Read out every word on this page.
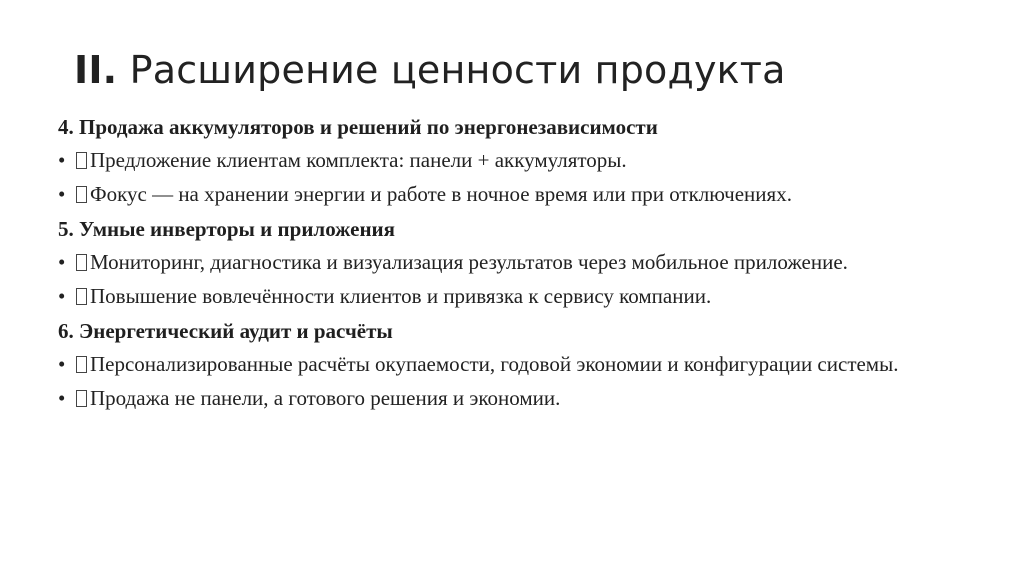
II. Расширение ценности продукта
4. Продажа аккумуляторов и решений по энергонезависимости
• Предложение клиентам комплекта: панели + аккумуляторы.
• Фокус — на хранении энергии и работе в ночное время или при отключениях.
5. Умные инверторы и приложения
• Мониторинг, диагностика и визуализация результатов через мобильное приложение.
• Повышение вовлечённости клиентов и привязка к сервису компании.
6. Энергетический аудит и расчёты
• Персонализированные расчёты окупаемости, годовой экономии и конфигурации системы.
• Продажа не панели, а готового решения и экономии.
